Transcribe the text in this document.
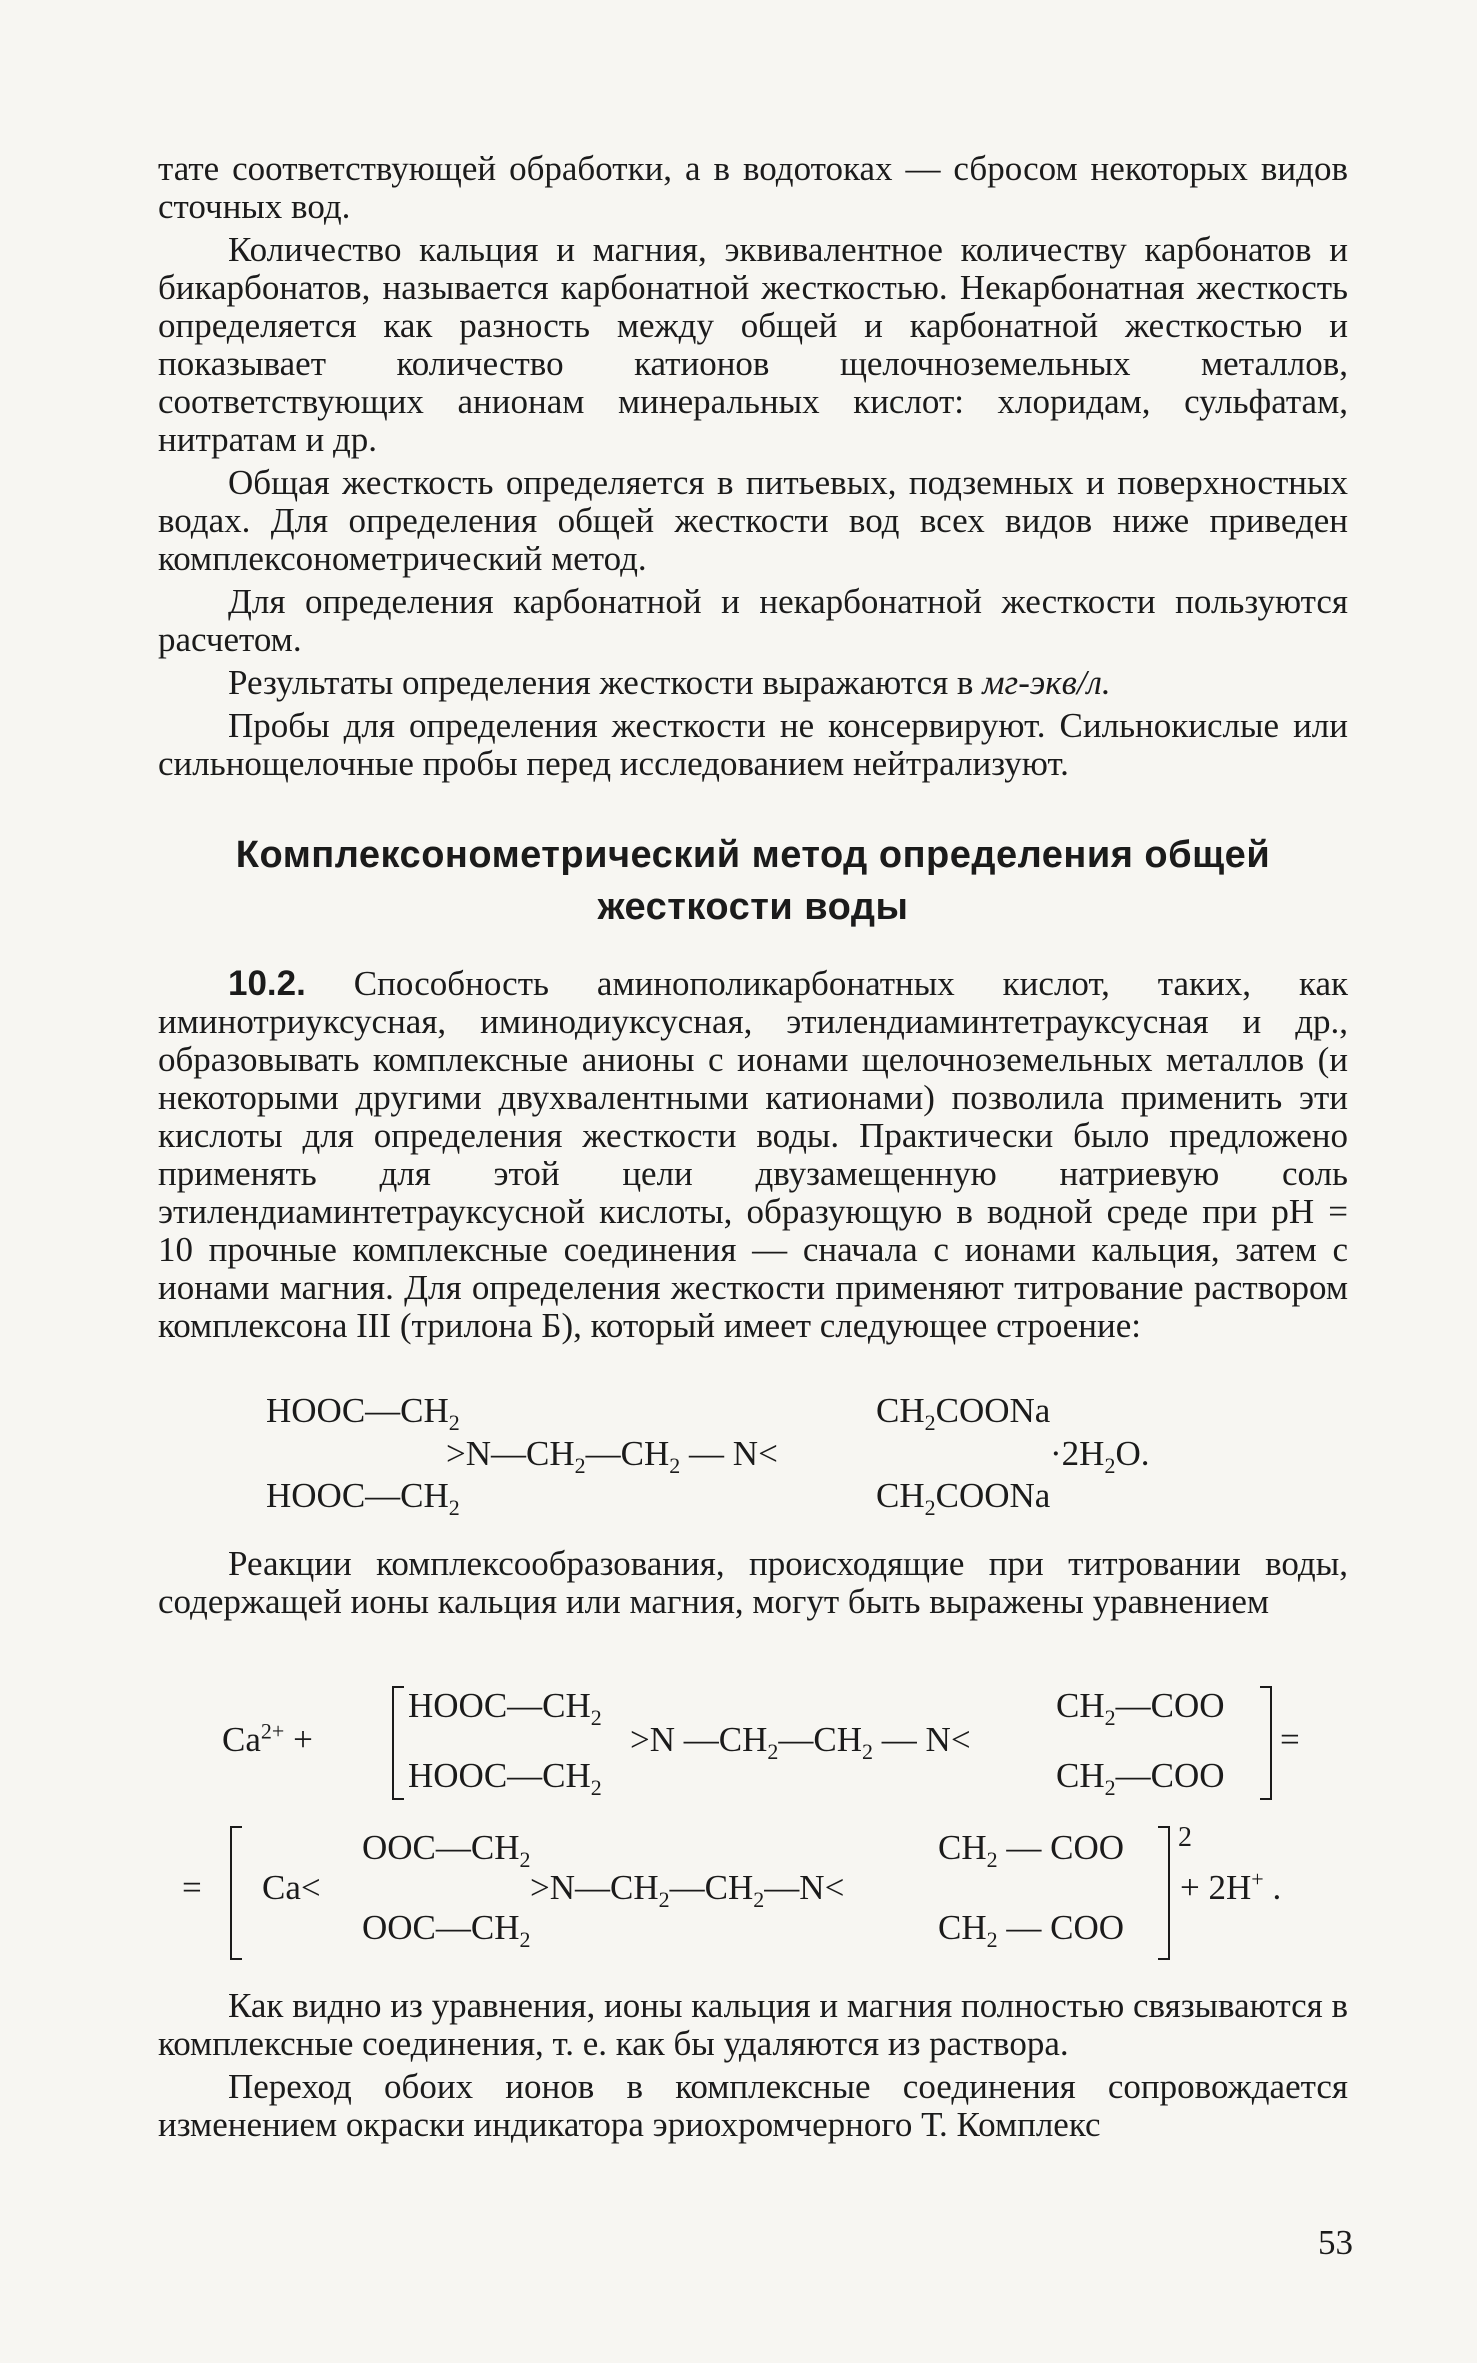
тате соответствующей обработки, а в водотоках — сбросом некоторых видов сточных вод.

Количество кальция и магния, эквивалентное количеству карбонатов и бикарбонатов, называется карбонатной жесткостью. Некарбонатная жесткость определяется как разность между общей и карбонатной жесткостью и показывает количество катионов щелочноземельных металлов, соответствующих анионам минеральных кислот: хлоридам, сульфатам, нитратам и др.

Общая жесткость определяется в питьевых, подземных и поверхностных водах. Для определения общей жесткости вод всех видов ниже приведен комплексонометрический метод.

Для определения карбонатной и некарбонатной жесткости пользуются расчетом.

Результаты определения жесткости выражаются в мг-экв/л.

Пробы для определения жесткости не консервируют. Сильнокислые или сильнощелочные пробы перед исследованием нейтрализуют.

Комплексонометрический метод определения общей жесткости воды

10.2. Способность аминополикарбонатных кислот, таких, как иминотриуксусная, иминодиуксусная, этилендиаминтетрауксусная и др., образовывать комплексные анионы с ионами щелочноземельных металлов (и некоторыми другими двухвалентными катионами) позволила применить эти кислоты для определения жесткости воды. Практически было предложено применять для этой цели двузамещенную натриевую соль этилендиаминтетрауксусной кислоты, образующую в водной среде при pH = 10 прочные комплексные соединения — сначала с ионами кальция, затем с ионами магния. Для определения жесткости применяют титрование раствором комплексона III (трилона Б), который имеет следующее строение:

$HOOC—CH_2$
$HOOC—CH_2$
$>N—CH_2—CH_2$ — N<
$CH_2COONa$
$CH_2COONa$
$\cdot 2H_2O$.

Реакции комплексообразования, происходящие при титровании воды, содержащей ионы кальция или магния, могут быть выражены уравнением

$Ca^{2+}$ +
$HOOC—CH_2$
$HOOC—CH_2$
>N $—CH_2—CH_2$ — N<
$CH_2—COO$
$CH_2—COO$
=
= Ca<
$OOC—CH_2$
$OOC—CH_2$
$>N—CH_2—CH_2—N<$
$CH_2$ — COO
$CH_2$ — COO
2
+ 2H+ .

Как видно из уравнения, ионы кальция и магния полностью связываются в комплексные соединения, т. е. как бы удаляются из раствора.

Переход обоих ионов в комплексные соединения сопровождается изменением окраски индикатора эриохромчерного Т. Комплекс

53
